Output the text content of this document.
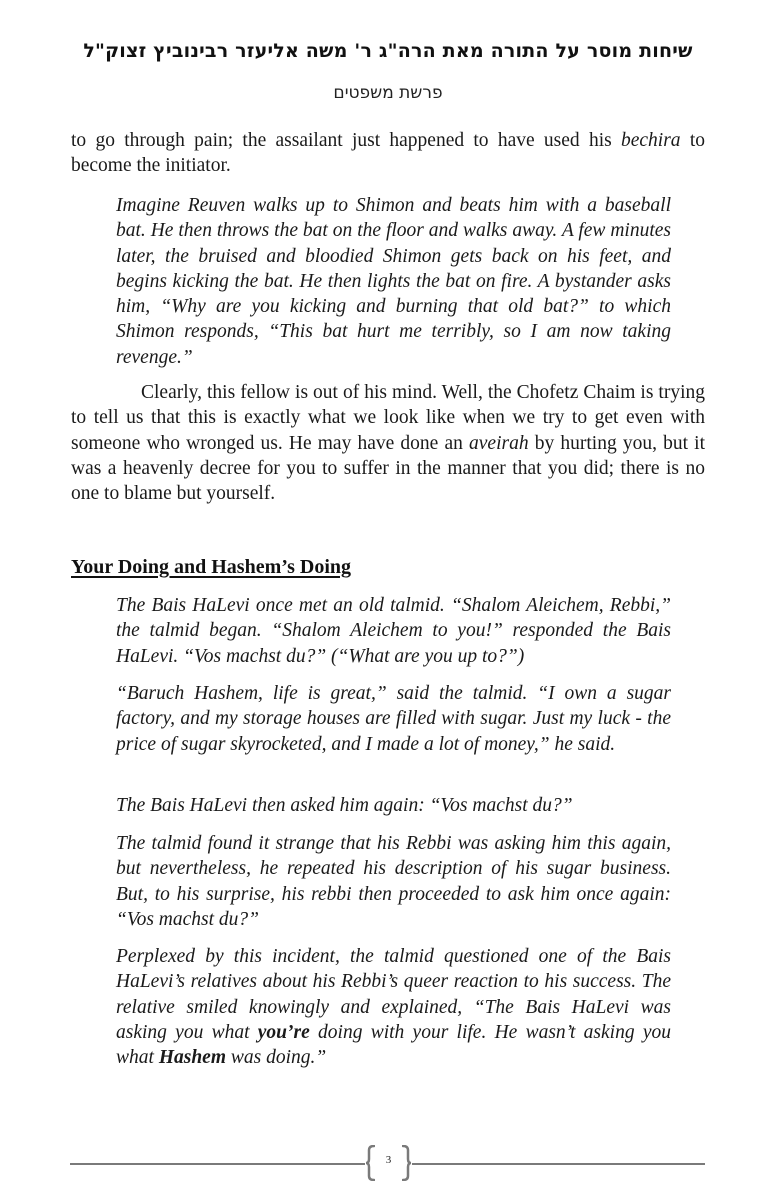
שיחות מוסר על התורה מאת הרה"ג ר' משה אליעזר רבינוביץ זצוק"ל
פרשת משפטים

to go through pain; the assailant just happened to have used his bechira to become the initiator.

Imagine Reuven walks up to Shimon and beats him with a baseball bat. He then throws the bat on the floor and walks away. A few minutes later, the bruised and bloodied Shimon gets back on his feet, and begins kicking the bat. He then lights the bat on fire. A bystander asks him, “Why are you kicking and burning that old bat?” to which Shimon responds, “This bat hurt me terribly, so I am now taking revenge.”

Clearly, this fellow is out of his mind. Well, the Chofetz Chaim is trying to tell us that this is exactly what we look like when we try to get even with someone who wronged us. He may have done an aveirah by hurting you, but it was a heavenly decree for you to suffer in the manner that you did; there is no one to blame but yourself.

Your Doing and Hashem’s Doing

The Bais HaLevi once met an old talmid. “Shalom Aleichem, Rebbi,” the talmid began. “Shalom Aleichem to you!” responded the Bais HaLevi. “Vos machst du?” (“What are you up to?”)

“Baruch Hashem, life is great,” said the talmid. “I own a sugar factory, and my storage houses are filled with sugar. Just my luck - the price of sugar skyrocketed, and I made a lot of money,” he said.

The Bais HaLevi then asked him again: “Vos machst du?”

The talmid found it strange that his Rebbi was asking him this again, but nevertheless, he repeated his description of his sugar business. But, to his surprise, his rebbi then proceeded to ask him once again: “Vos machst du?”

Perplexed by this incident, the talmid questioned one of the Bais HaLevi’s relatives about his Rebbi’s queer reaction to his success. The relative smiled knowingly and explained, “The Bais HaLevi was asking you what you’re doing with your life. He wasn’t asking you what Hashem was doing.”

3
